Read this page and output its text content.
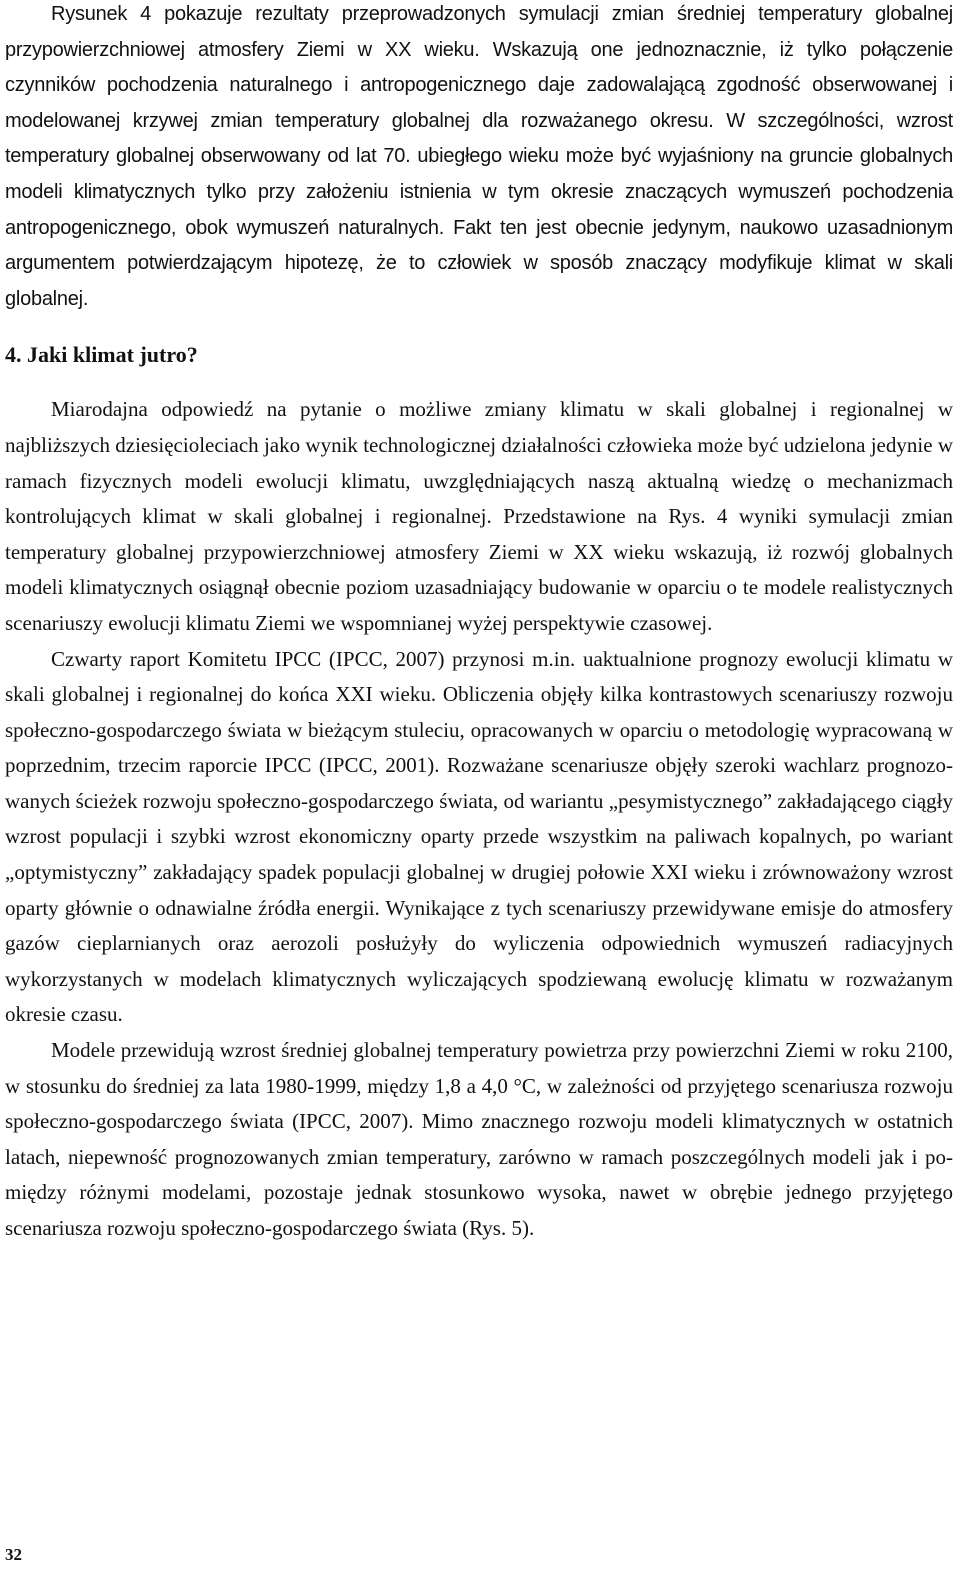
Rysunek 4 pokazuje rezultaty przeprowadzonych symulacji zmian średniej temperatury globalnej przypowierzchniowej atmosfery Ziemi w XX wieku. Wskazują one jednoznacznie, iż tylko połączenie czynników pochodzenia naturalnego i antropogenicznego daje zadowalającą zgodność obserwowanej i modelowanej krzywej zmian temperatury globalnej dla rozważanego okresu. W szczególności, wzrost temperatury globalnej obserwowany od lat 70. ubiegłego wieku może być wyjaśniony na gruncie globalnych modeli klimatycznych tylko przy założeniu istnienia w tym okresie znaczących wymuszeń pochodzenia antropogenicznego, obok wymuszeń naturalnych. Fakt ten jest obecnie jedynym, naukowo uzasadnionym argumentem potwierdzającym hipotezę, że to człowiek w sposób znaczący modyfikuje klimat w skali globalnej.

4. Jaki klimat jutro?

Miarodajna odpowiedź na pytanie o możliwe zmiany klimatu w skali globalnej i regionalnej w najbliższych dziesięcioleciach jako wynik technologicznej działalności człowieka może być udzielona jedynie w ramach fizycznych modeli ewolucji klimatu, uwzględniających naszą aktualną wiedzę o mechanizmach kontrolujących klimat w skali globalnej i regionalnej. Przedstawione na Rys. 4 wyniki symulacji zmian temperatury globalnej przypowierzchniowej atmosfery Ziemi w XX wieku wskazują, iż rozwój globalnych modeli klimatycznych osiągnął obecnie poziom uzasadniający budowanie w oparciu o te modele realistycznych scenariuszy ewolucji klimatu Ziemi we wspomnianej wyżej perspektywie czasowej.

Czwarty raport Komitetu IPCC (IPCC, 2007) przynosi m.in. uaktualnione prognozy ewolucji klimatu w skali globalnej i regionalnej do końca XXI wieku. Obliczenia objęły kilka kontrastowych scenariuszy rozwoju społeczno-gospodarczego świata w bieżącym stuleciu, opracowanych w oparciu o metodologię wypracowaną w poprzednim, trzecim raporcie IPCC (IPCC, 2001). Rozważane scenariusze objęły szeroki wachlarz prognozowanych ścieżek rozwoju społeczno-gospodarczego świata, od wariantu „pesymistycznego” zakładającego ciągły wzrost populacji i szybki wzrost ekonomiczny oparty przede wszystkim na paliwach kopalnych, po wariant „optymistyczny” zakładający spadek populacji globalnej w drugiej połowie XXI wieku i zrównoważony wzrost oparty głównie o odnawialne źródła energii. Wynikające z tych scenariuszy przewidywane emisje do atmosfery gazów cieplarnianych oraz aerozoli posłużyły do wyliczenia odpowiednich wymuszeń radiacyjnych wykorzystanych w modelach klimatycznych wyliczających spodziewaną ewolucję klimatu w rozważanym okresie czasu.

Modele przewidują wzrost średniej globalnej temperatury powietrza przy powierzchni Ziemi w roku 2100, w stosunku do średniej za lata 1980-1999, między 1,8 a 4,0 °C, w zależności od przyjętego scenariusza rozwoju społeczno-gospodarczego świata (IPCC, 2007). Mimo znacznego rozwoju modeli klimatycznych w ostatnich latach, niepewność prognozowanych zmian temperatury, zarówno w ramach poszczególnych modeli jak i pomiędzy różnymi modelami, pozostaje jednak stosunkowo wysoka, nawet w obrębie jednego przyjętego scenariusza rozwoju społeczno-gospodarczego świata (Rys. 5).

32
